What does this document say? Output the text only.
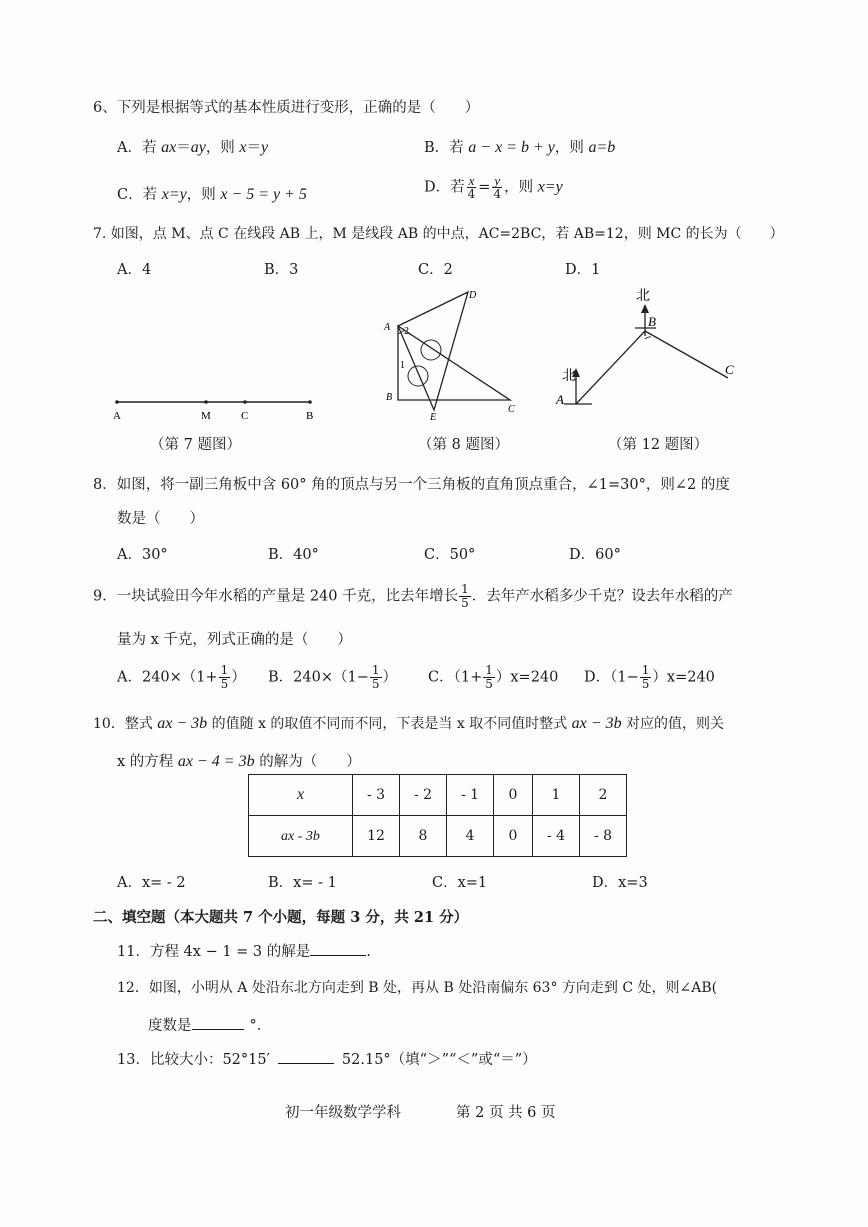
6、下列是根据等式的基本性质进行变形，正确的是（　　）
A．若 ax＝ay，则 x＝y	B．若 a − x = b + y，则 a=b
C．若 x=y，则 x − 5 = y + 5	D．若 $\frac{x}{4} = \frac{y}{4}$ ，则 x=y
7. 如图，点 M、点 C 在线段 AB 上，M 是线段 AB 的中点，AC=2BC，若 AB=12，则 MC 的长为（　　）
A．4	B．3	C．2	D．1
A	M	C	B
（第 7 题图）
A
B
E
C
D
1
2
（第 8 题图）
北
B
北
A
C
（第 12 题图）
8．如图，将一副三角板中含 60° 角的顶点与另一个三角板的直角顶点重合，∠1=30°，则∠2 的度
数是（　　）
A．30°	B．40°	C．50°	D．60°
9．一块试验田今年水稻的产量是 240 千克，比去年增长 $\frac{1}{5}$ ．去年产水稻多少千克？设去年水稻的产
量为 x 千克，列式正确的是（　　）
A．$240\times(1+ \frac{1}{5}$ ） B．$240\times(1- \frac{1}{5}$ ） C．$(1+ \frac{1}{5} )x=240$ D．$(1- \frac{1}{5} )x=240$
10．整式 ax − 3b 的值随 x 的取值不同而不同，下表是当 x 取不同值时整式 ax − 3b 对应的值，则关
x 的方程 ax − 4 = 3b 的解为（　　）
x	- 3	- 2	- 1	0	1	2
ax - 3b	12	8	4	0	- 4	- 8
A．x= - 2	B．x= - 1	C．x=1	D．x=3
二、填空题（本大题共 7 个小题，每题 3 分，共 21 分）
11．方程 4x − 1 = 3 的解是	.
12．如图，小明从 A 处沿东北方向走到 B 处，再从 B 处沿南偏东 63° 方向走到 C 处，则∠AB(
度数是	°．
13．比较大小：52°15′	52.15°（填“＞”“＜”或“＝”）
初一年级数学学科	第 2 页 共 6 页
